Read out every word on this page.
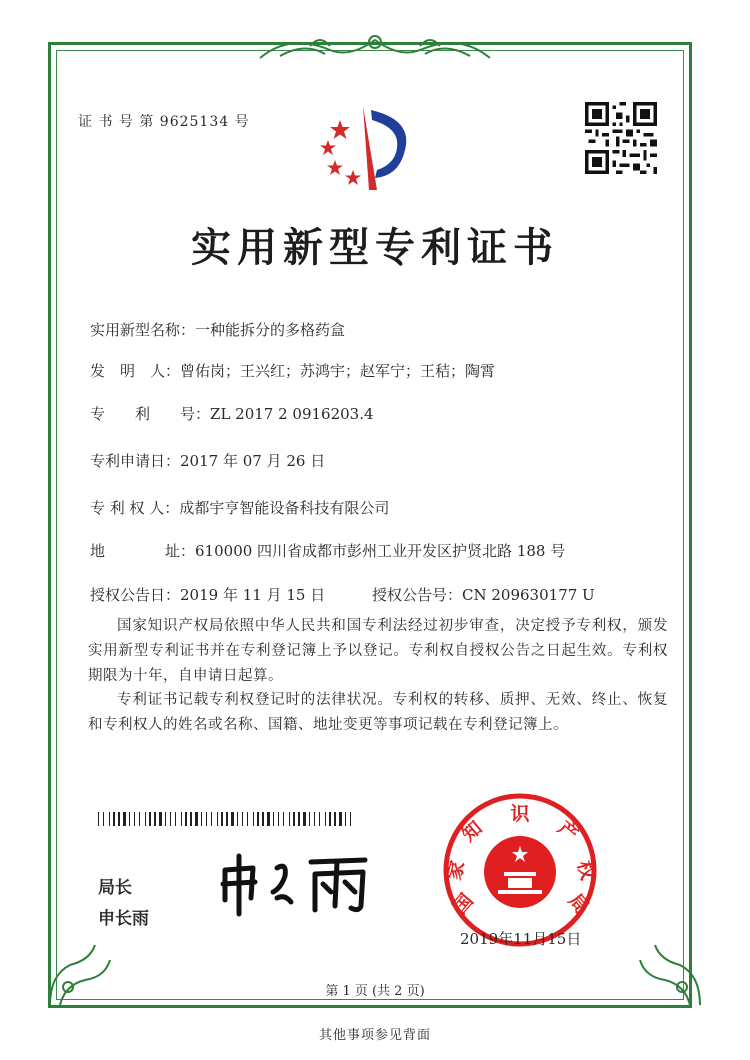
证 书 号 第 9625134 号
实用新型专利证书
实用新型名称：一种能拆分的多格药盒
发　明　人：曾佑岗；王兴红；苏鸿宇；赵军宁；王秸；陶霄
专　　利　　号：ZL 2017 2 0916203.4
专利申请日：2017 年 07 月 26 日
专 利 权 人：成都宇亨智能设备科技有限公司
地　　　　址：610000 四川省成都市彭州工业开发区护贤北路 188 号
授权公告日：2019 年 11 月 15 日	授权公告号：CN 209630177 U
国家知识产权局依照中华人民共和国专利法经过初步审查，决定授予专利权，颁发实用新型专利证书并在专利登记簿上予以登记。专利权自授权公告之日起生效。专利权期限为十年，自申请日起算。
专利证书记载专利权登记时的法律状况。专利权的转移、质押、无效、终止、恢复和专利权人的姓名或名称、国籍、地址变更等事项记载在专利登记簿上。
局长
申长雨
国
家
知
识
产
权
局
2019年11月15日
第 1 页 (共 2 页)
其他事项参见背面
